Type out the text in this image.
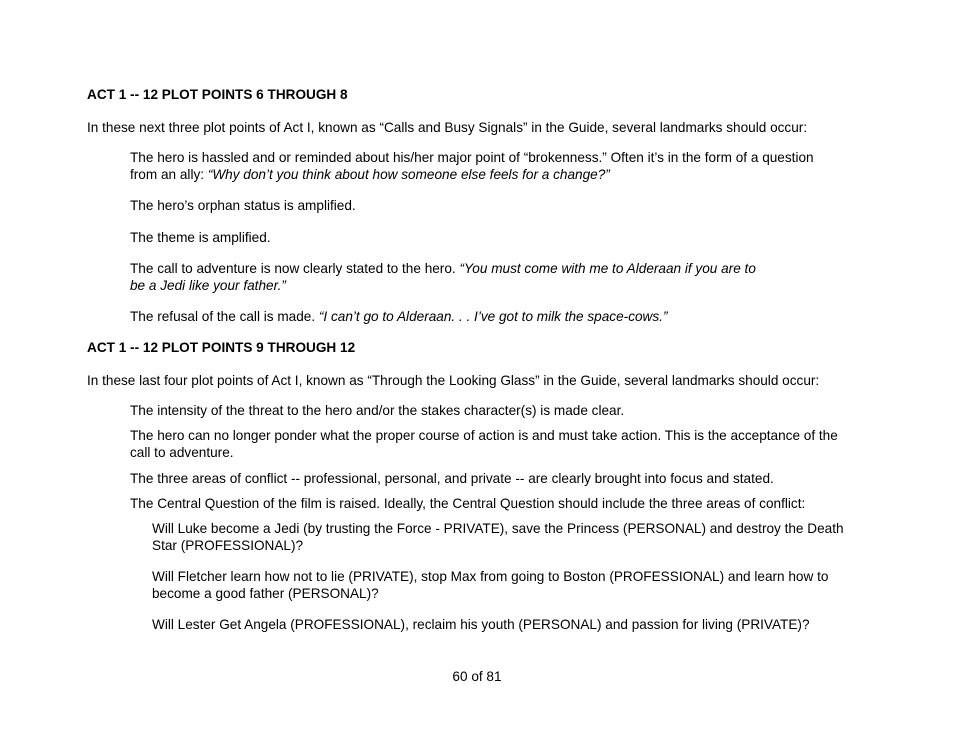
ACT 1 -- 12 PLOT POINTS 6 THROUGH 8

In these next three plot points of Act I, known as “Calls and Busy Signals” in the Guide, several landmarks should occur:

The hero is hassled and or reminded about his/her major point of “brokenness.” Often it’s in the form of a question
from an ally: “Why don’t you think about how someone else feels for a change?”

The hero’s orphan status is amplified.

The theme is amplified.

The call to adventure is now clearly stated to the hero. “You must come with me to Alderaan if you are to
be a Jedi like your father.”
The refusal of the call is made. “I can’t go to Alderaan. . . I’ve got to milk the space-cows.”

ACT 1 -- 12 PLOT POINTS 9 THROUGH 12

In these last four plot points of Act I, known as “Through the Looking Glass” in the Guide, several landmarks should occur:

The intensity of the threat to the hero and/or the stakes character(s) is made clear.

The hero can no longer ponder what the proper course of action is and must take action. This is the acceptance of the
call to adventure.

The three areas of conflict -- professional, personal, and private -- are clearly brought into focus and stated.

The Central Question of the film is raised. Ideally, the Central Question should include the three areas of conflict:

Will Luke become a Jedi (by trusting the Force - PRIVATE), save the Princess (PERSONAL) and destroy the Death
Star (PROFESSIONAL)?
Will Fletcher learn how not to lie (PRIVATE), stop Max from going to Boston (PROFESSIONAL) and learn how to
become a good father (PERSONAL)?

Will Lester Get Angela (PROFESSIONAL), reclaim his youth (PERSONAL) and passion for living (PRIVATE)?

60 of 81
